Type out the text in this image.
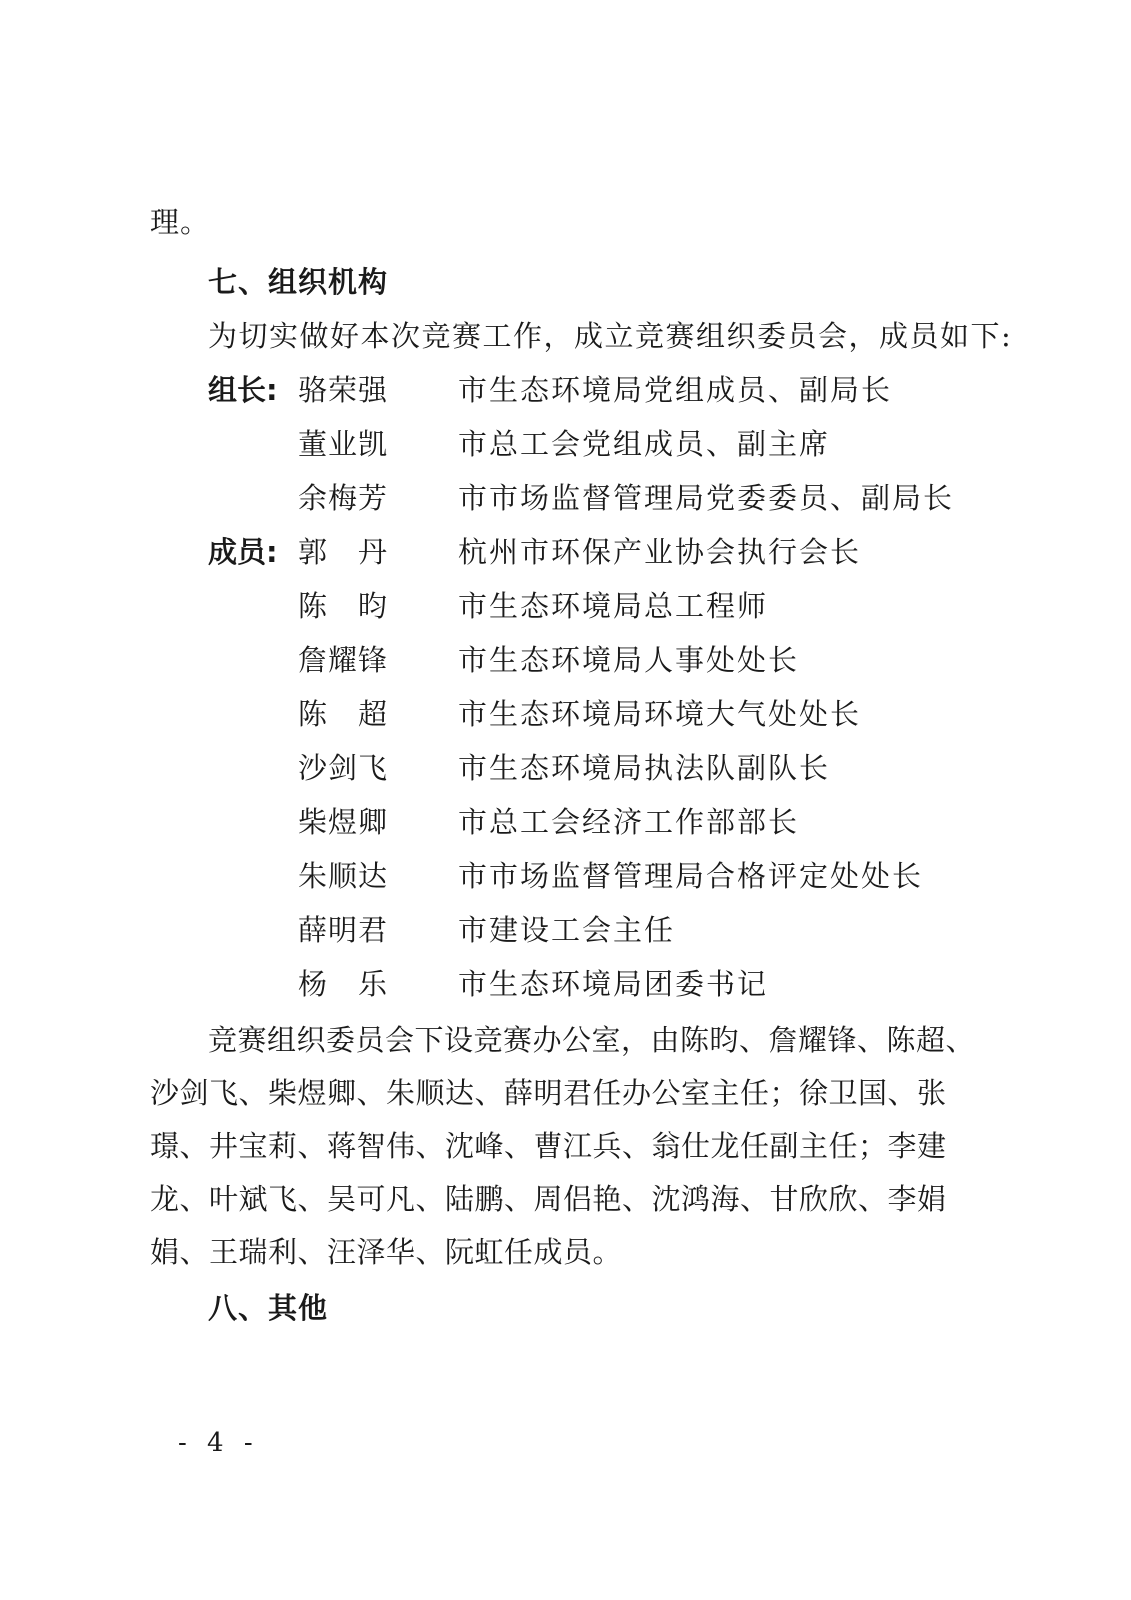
理。
七、组织机构
为切实做好本次竞赛工作，成立竞赛组织委员会，成员如下:
组长: 骆荣强 市生态环境局党组成员、副局长
董业凯 市总工会党组成员、副主席
余梅芳 市市场监督管理局党委委员、副局长
成员: 郭　丹 杭州市环保产业协会执行会长
陈　昀 市生态环境局总工程师
詹耀锋 市生态环境局人事处处长
陈　超 市生态环境局环境大气处处长
沙剑飞 市生态环境局执法队副队长
柴煜卿 市总工会经济工作部部长
朱顺达 市市场监督管理局合格评定处处长
薛明君 市建设工会主任
杨　乐 市生态环境局团委书记
竞赛组织委员会下设竞赛办公室，由陈昀、詹耀锋、陈超、沙剑飞、柴煜卿、朱顺达、薛明君任办公室主任；徐卫国、张璟、井宝莉、蒋智伟、沈峰、曹江兵、翁仕龙任副主任；李建龙、叶斌飞、吴可凡、陆鹏、周侣艳、沈鸿海、甘欣欣、李娟娟、王瑞利、汪泽华、阮虹任成员。
八、其他
- 4 -
